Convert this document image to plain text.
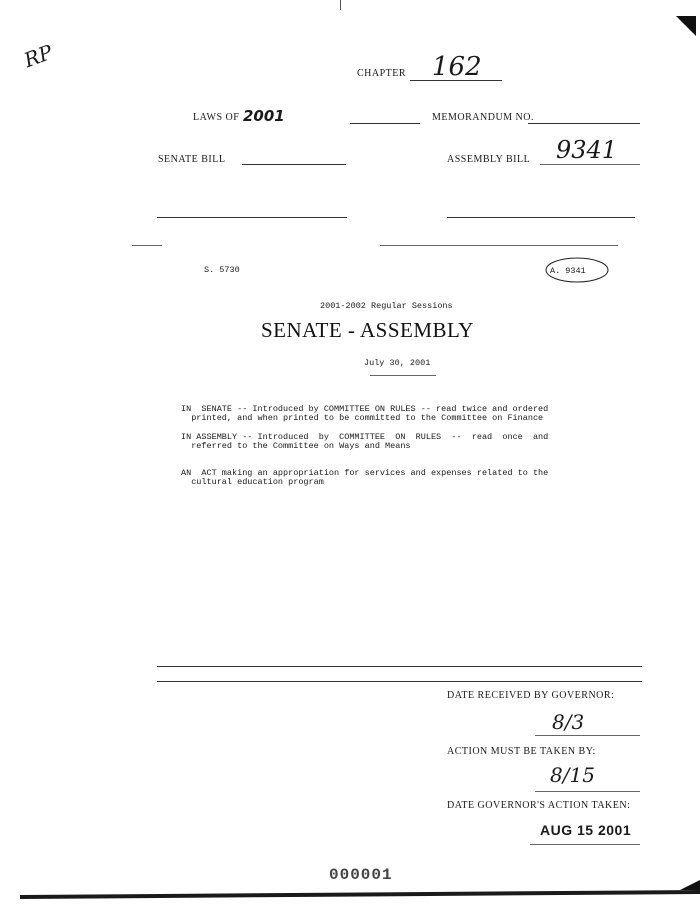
RP
CHAPTER 162
LAWS OF 2001	MEMORANDUM NO.
SENATE BILL	ASSEMBLY BILL 9341
S. 5730	A. 9341
2001-2002 Regular Sessions
SENATE - ASSEMBLY
July 30, 2001

IN  SENATE -- Introduced by COMMITTEE ON RULES -- read twice and ordered
printed, and when printed to be committed to the Committee on Finance

IN ASSEMBLY -- Introduced  by  COMMITTEE  ON  RULES  --  read  once  and
referred to the Committee on Ways and Means

AN  ACT making an appropriation for services and expenses related to the
cultural education program
DATE RECEIVED BY GOVERNOR:
8/3
ACTION MUST BE TAKEN BY:
8/15
DATE GOVERNOR'S ACTION TAKEN:
AUG 15 2001
000001
